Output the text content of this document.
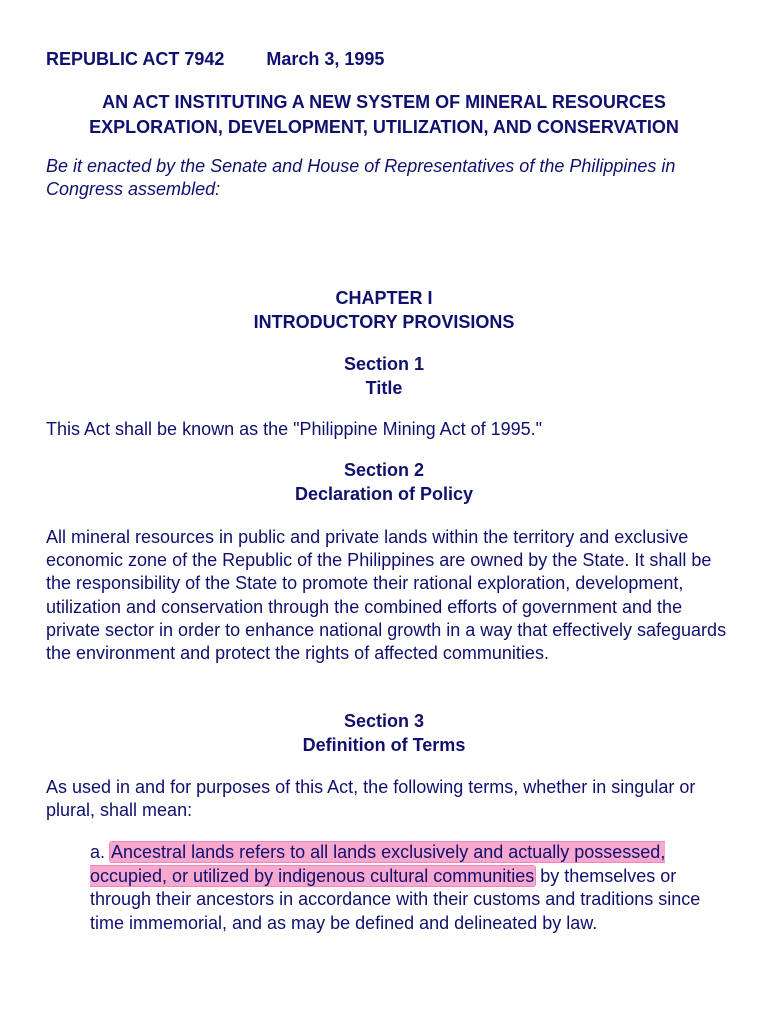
REPUBLIC ACT 7942 March 3, 1995
AN ACT INSTITUTING A NEW SYSTEM OF MINERAL RESOURCES
EXPLORATION, DEVELOPMENT, UTILIZATION, AND CONSERVATION
Be it enacted by the Senate and House of Representatives of the Philippines in Congress assembled:
CHAPTER I
INTRODUCTORY PROVISIONS
Section 1
Title
This Act shall be known as the "Philippine Mining Act of 1995."
Section 2
Declaration of Policy
All mineral resources in public and private lands within the territory and exclusive economic zone of the Republic of the Philippines are owned by the State. It shall be the responsibility of the State to promote their rational exploration, development, utilization and conservation through the combined efforts of government and the private sector in order to enhance national growth in a way that effectively safeguards the environment and protect the rights of affected communities.
Section 3
Definition of Terms
As used in and for purposes of this Act, the following terms, whether in singular or plural, shall mean:
a. Ancestral lands refers to all lands exclusively and actually possessed, occupied, or utilized by indigenous cultural communities by themselves or through their ancestors in accordance with their customs and traditions since time immemorial, and as may be defined and delineated by law.
